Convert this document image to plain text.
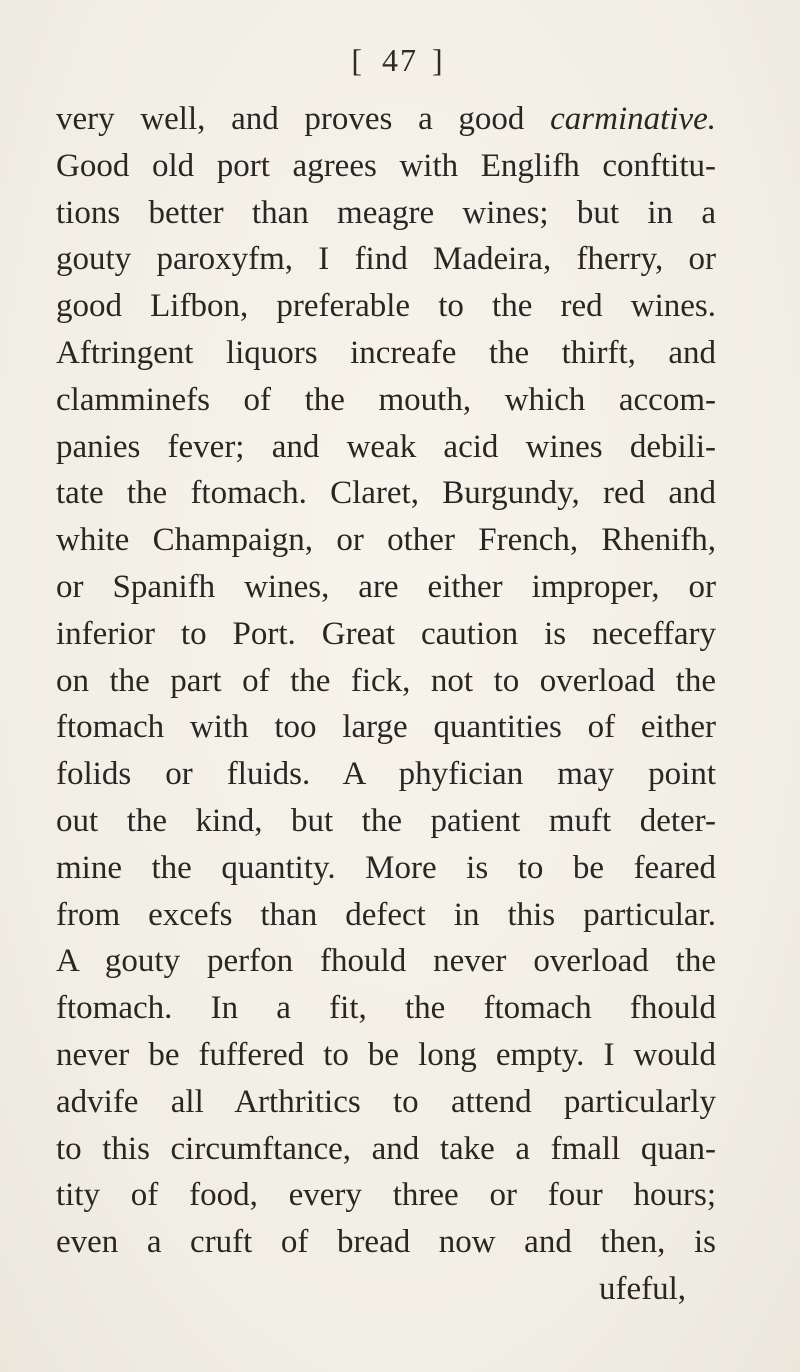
[ 47 ]
very well, and proves a good carminative.
Good old port agrees with Englifh conftitu-
tions better than meagre wines; but in a
gouty paroxyfm, I find Madeira, fherry, or
good Lifbon, preferable to the red wines.
Aftringent liquors increafe the thirft, and
clamminefs of the mouth, which accom-
panies fever; and weak acid wines debili-
tate the ftomach. Claret, Burgundy, red and
white Champaign, or other French, Rhenifh,
or Spanifh wines, are either improper, or
inferior to Port. Great caution is neceffary
on the part of the fick, not to overload the
ftomach with too large quantities of either
folids or fluids. A phyfician may point
out the kind, but the patient muft deter-
mine the quantity. More is to be feared
from excefs than defect in this particular.
A gouty perfon fhould never overload the
ftomach. In a fit, the ftomach fhould
never be fuffered to be long empty. I would
advife all Arthritics to attend particularly
to this circumftance, and take a fmall quan-
tity of food, every three or four hours;
even a cruft of bread now and then, is
ufeful,
